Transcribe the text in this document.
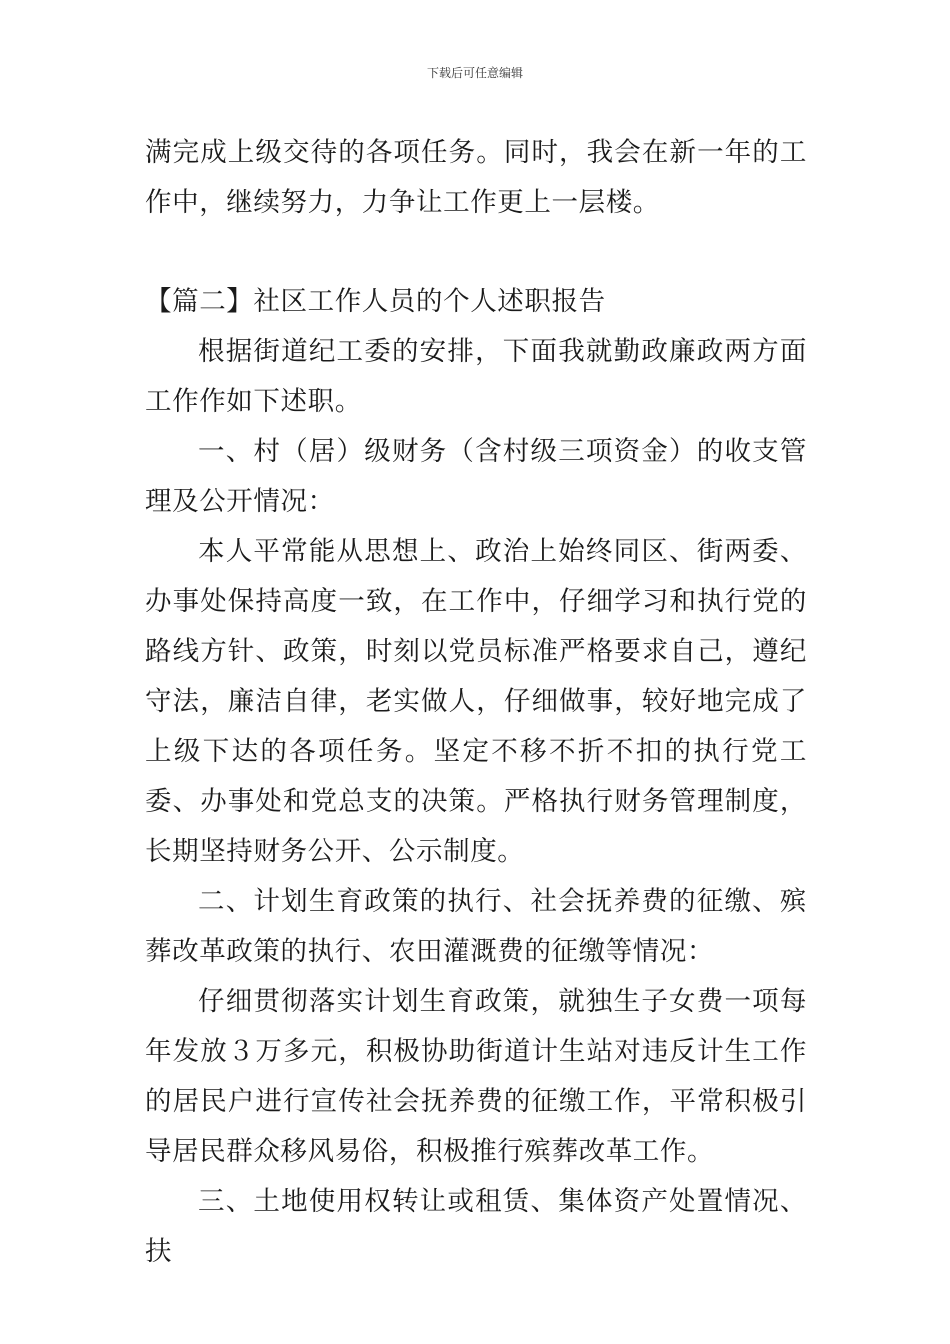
下载后可任意编辑

满完成上级交待的各项任务。同时，我会在新一年的工作中，继续努力，力争让工作更上一层楼。

【篇二】社区工作人员的个人述职报告

根据街道纪工委的安排，下面我就勤政廉政两方面工作作如下述职。

一、村（居）级财务（含村级三项资金）的收支管理及公开情况：

本人平常能从思想上、政治上始终同区、街两委、办事处保持高度一致，在工作中，仔细学习和执行党的路线方针、政策，时刻以党员标准严格要求自己，遵纪守法，廉洁自律，老实做人，仔细做事，较好地完成了上级下达的各项任务。坚定不移不折不扣的执行党工委、办事处和党总支的决策。严格执行财务管理制度，长期坚持财务公开、公示制度。

二、计划生育政策的执行、社会抚养费的征缴、殡葬改革政策的执行、农田灌溉费的征缴等情况：

仔细贯彻落实计划生育政策，就独生子女费一项每年发放３万多元，积极协助街道计生站对违反计生工作的居民户进行宣传社会抚养费的征缴工作，平常积极引导居民群众移风易俗，积极推行殡葬改革工作。

三、土地使用权转让或租赁、集体资产处置情况、扶
